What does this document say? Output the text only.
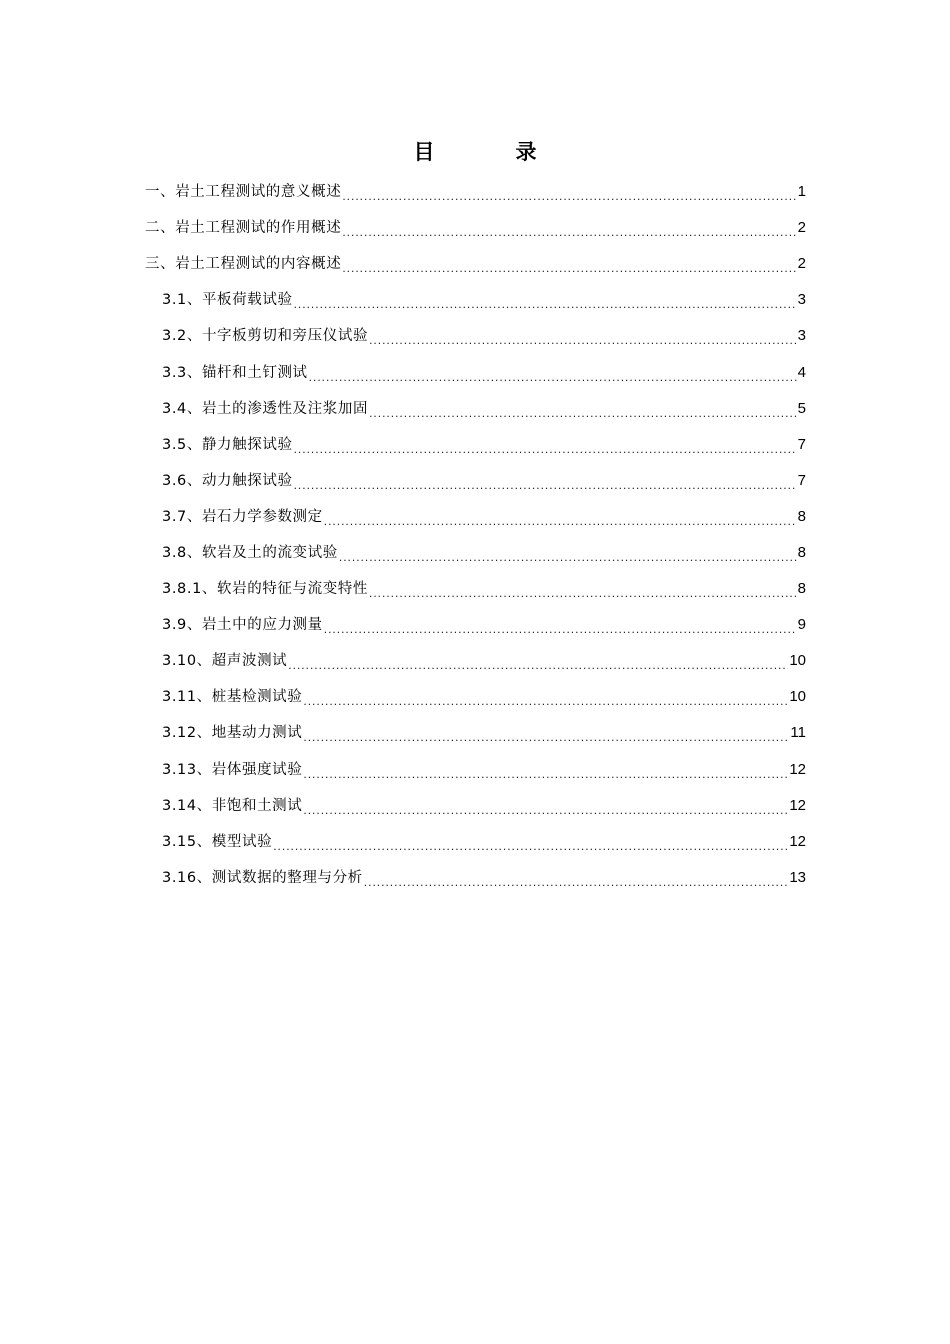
目　录
一、岩土工程测试的意义概述 .....	1
二、岩土工程测试的作用概述 .....	2
三、岩土工程测试的内容概述 .....	2
3.1、平板荷载试验 .....	3
3.2、十字板剪切和旁压仪试验 .....	3
3.3、锚杆和土钉测试 .....	4
3.4、岩土的渗透性及注浆加固 .....	5
3.5、静力触探试验 .....	7
3.6、动力触探试验 .....	7
3.7、岩石力学参数测定 .....	8
3.8、软岩及土的流变试验 .....	8
3.8.1、软岩的特征与流变特性 .....	8
3.9、岩土中的应力测量 .....	9
3.10、超声波测试 .....	10
3.11、桩基检测试验 .....	10
3.12、地基动力测试 .....	11
3.13、岩体强度试验 .....	12
3.14、非饱和土测试 .....	12
3.15、模型试验 .....	12
3.16、测试数据的整理与分析 .....	13
